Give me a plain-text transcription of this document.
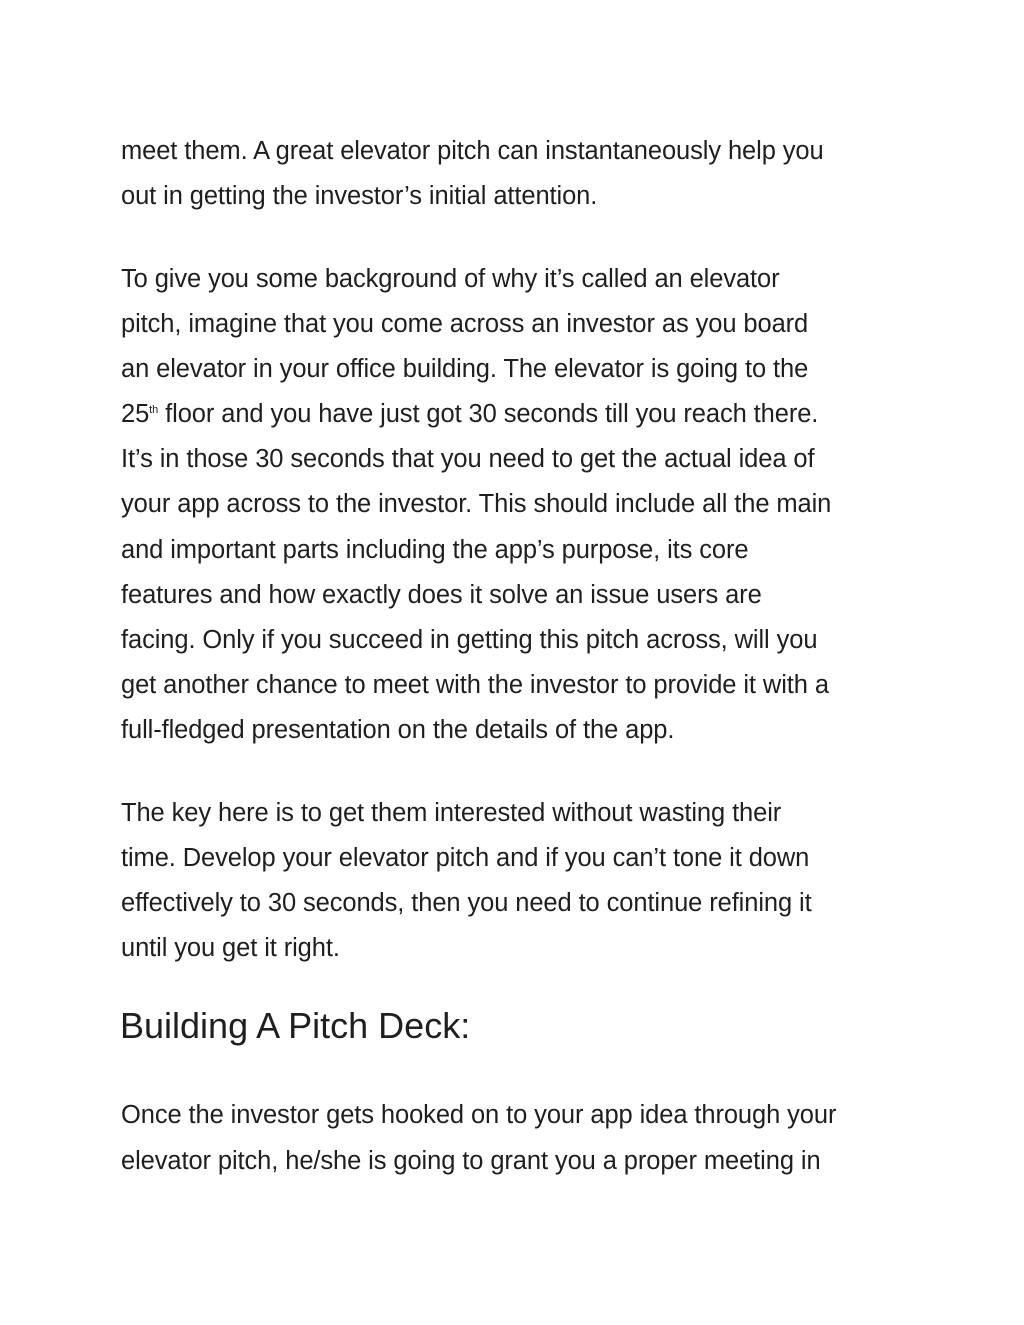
meet them. A great elevator pitch can instantaneously help you
out in getting the investor’s initial attention.
To give you some background of why it’s called an elevator
pitch, imagine that you come across an investor as you board
an elevator in your office building. The elevator is going to the
25th floor and you have just got 30 seconds till you reach there.
It’s in those 30 seconds that you need to get the actual idea of
your app across to the investor. This should include all the main
and important parts including the app’s purpose, its core
features and how exactly does it solve an issue users are
facing. Only if you succeed in getting this pitch across, will you
get another chance to meet with the investor to provide it with a
full-fledged presentation on the details of the app.
The key here is to get them interested without wasting their
time. Develop your elevator pitch and if you can’t tone it down
effectively to 30 seconds, then you need to continue refining it
until you get it right.
Building A Pitch Deck:
Once the investor gets hooked on to your app idea through your
elevator pitch, he/she is going to grant you a proper meeting in
